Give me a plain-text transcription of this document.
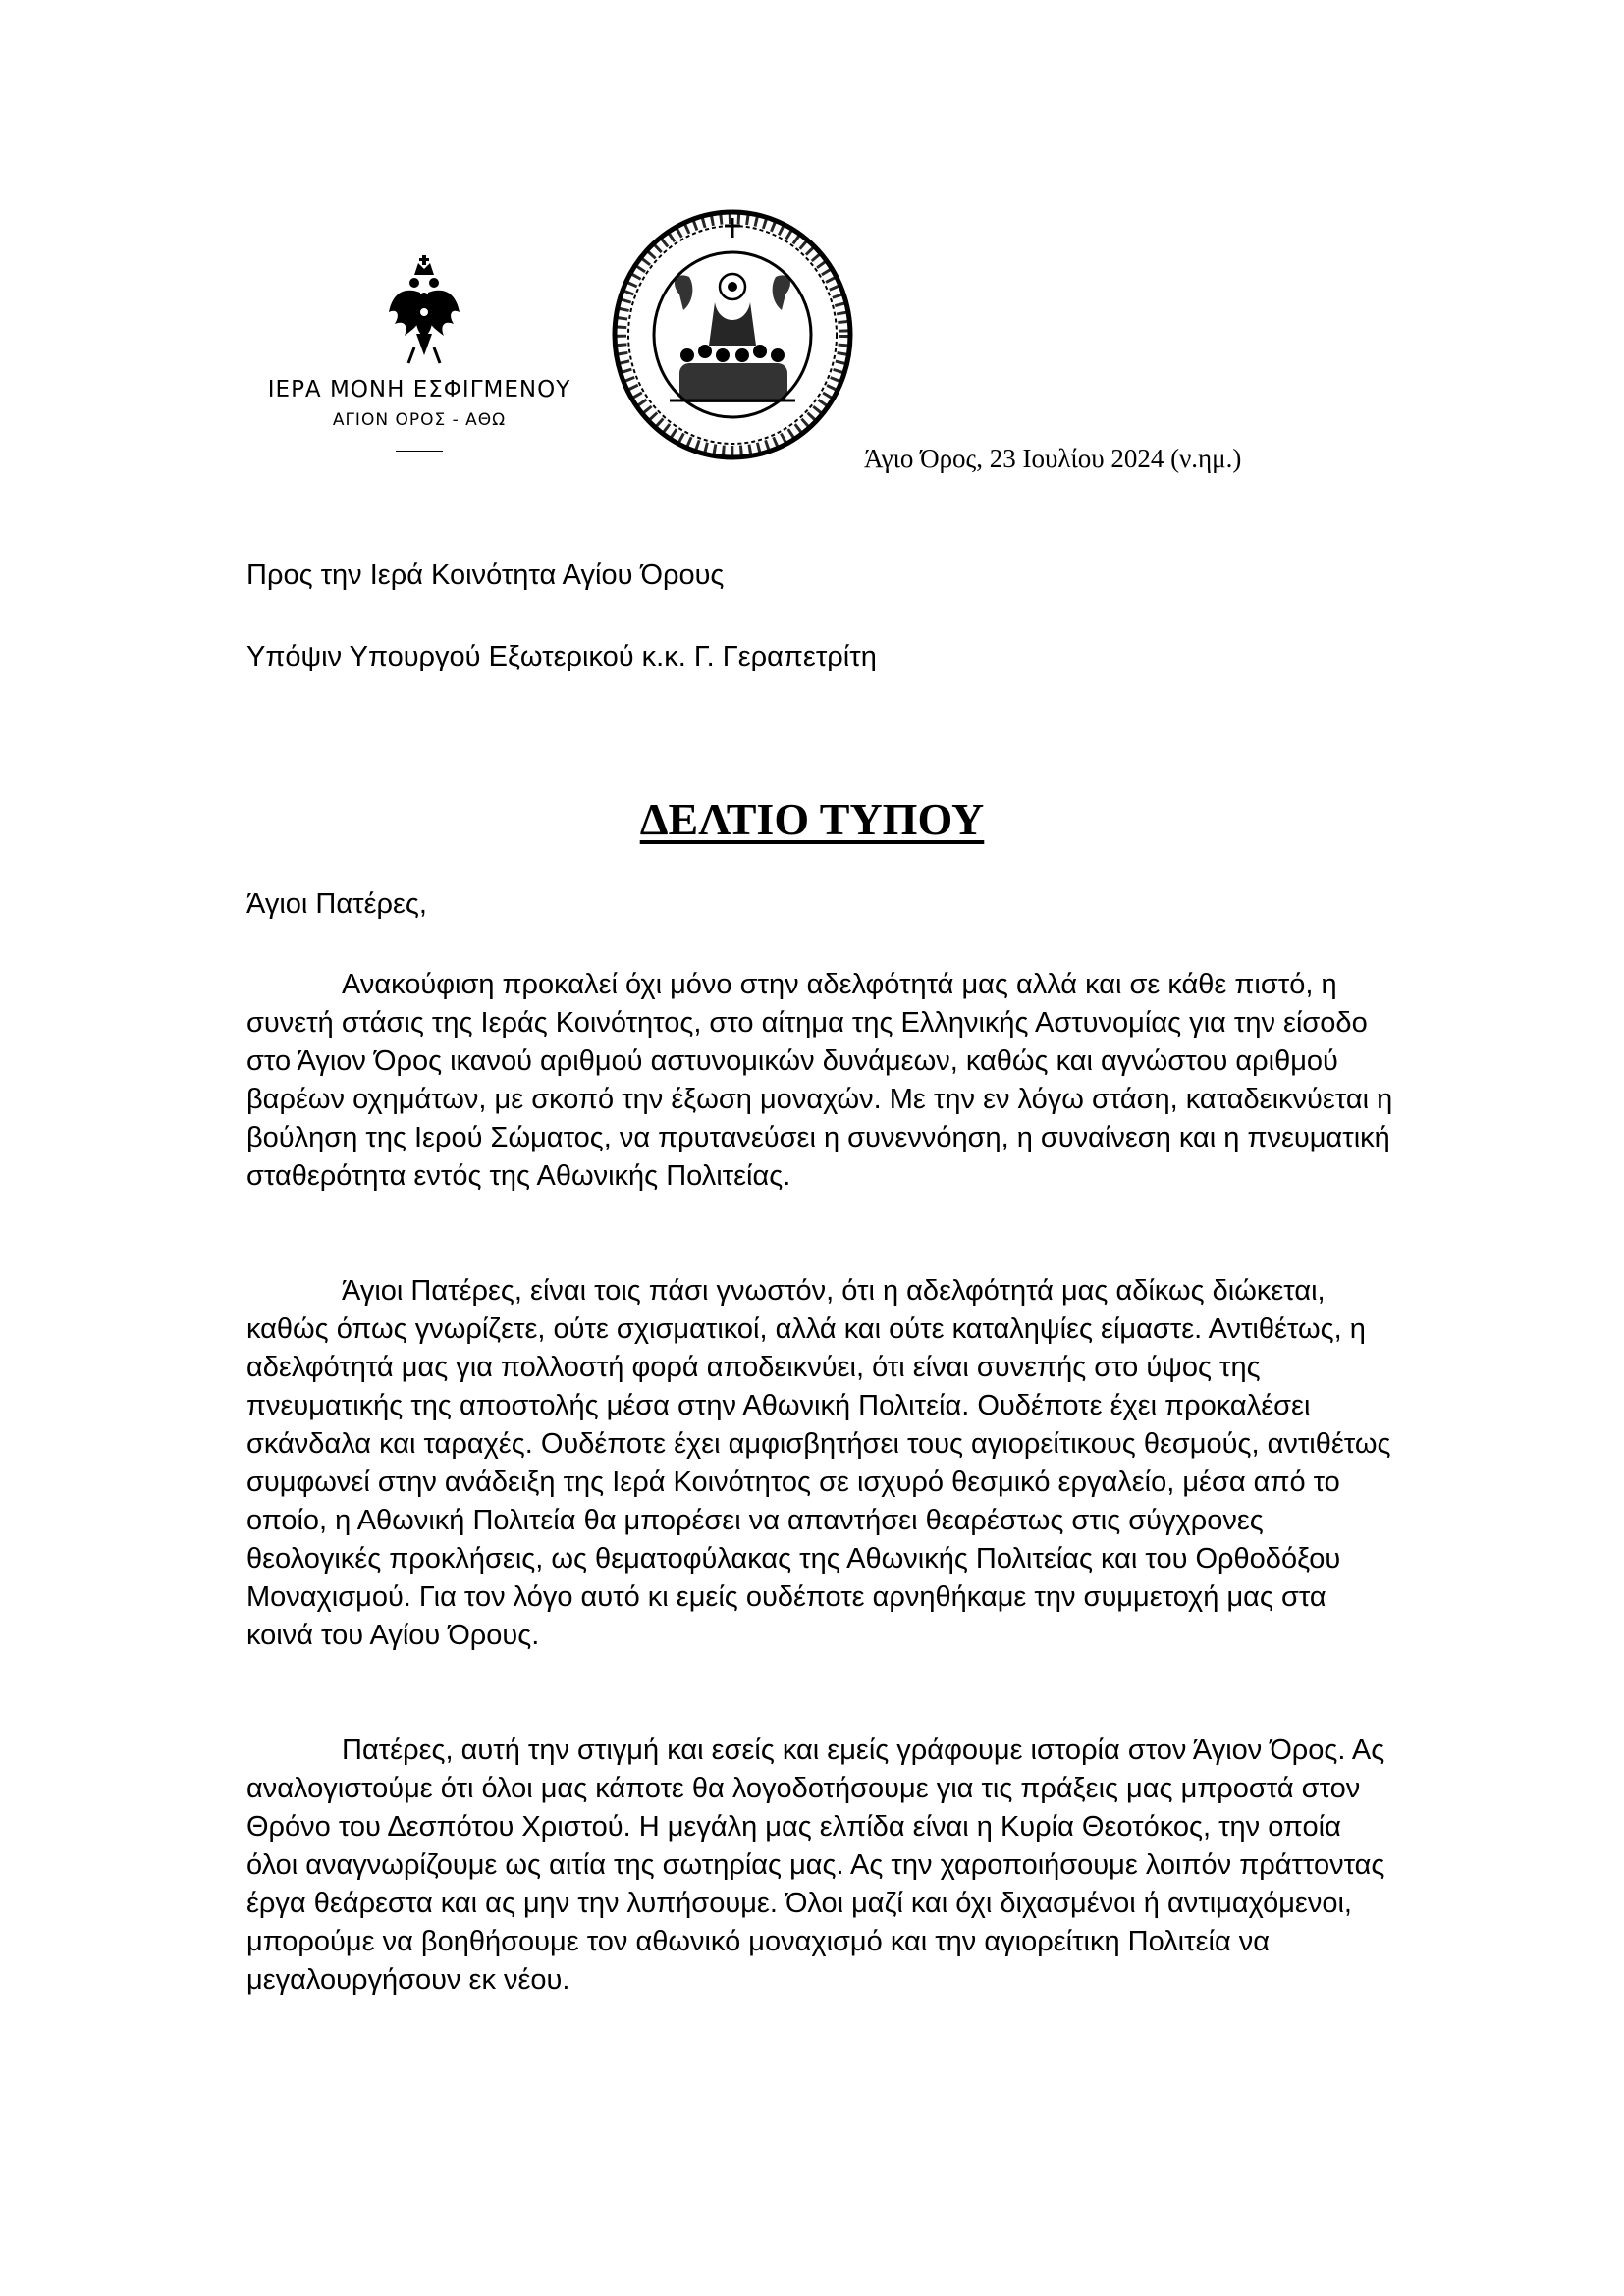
ΙΕΡΑ ΜΟΝΗ ΕΣΦΙΓΜΕΝΟΥ
ΑΓΙΟΝ ΟΡΟΣ - ΑΘΩ
Άγιο Όρος, 23 Ιουλίου 2024 (ν.ημ.)
Προς την Ιερά Κοινότητα Αγίου Όρους
Υπόψιν Υπουργού Εξωτερικού κ.κ. Γ. Γεραπετρίτη
ΔΕΛΤΙΟ ΤΥΠΟΥ
Άγιοι Πατέρες,

Ανακούφιση προκαλεί όχι μόνο στην αδελφότητά μας αλλά και σε κάθε πιστό, η συνετή στάσις της Ιεράς Κοινότητος, στο αίτημα της Ελληνικής Αστυνομίας για την είσοδο στο Άγιον Όρος ικανού αριθμού αστυνομικών δυνάμεων, καθώς και αγνώστου αριθμού βαρέων οχημάτων, με σκοπό την έξωση μοναχών. Με την εν λόγω στάση, καταδεικνύεται η βούληση της Ιερού Σώματος, να πρυτανεύσει η συνεννόηση, η συναίνεση και η πνευματική σταθερότητα εντός της Αθωνικής Πολιτείας.

Άγιοι Πατέρες, είναι τοις πάσι γνωστόν, ότι η αδελφότητά μας αδίκως διώκεται, καθώς όπως γνωρίζετε, ούτε σχισματικοί, αλλά και ούτε καταληψίες είμαστε. Αντιθέτως, η αδελφότητά μας για πολλοστή φορά αποδεικνύει, ότι είναι συνεπής στο ύψος της πνευματικής της αποστολής μέσα στην Αθωνική Πολιτεία. Ουδέποτε έχει προκαλέσει σκάνδαλα και ταραχές. Ουδέποτε έχει αμφισβητήσει τους αγιορείτικους θεσμούς, αντιθέτως συμφωνεί στην ανάδειξη της Ιερά Κοινότητος σε ισχυρό θεσμικό εργαλείο, μέσα από το οποίο, η Αθωνική Πολιτεία θα μπορέσει να απαντήσει θεαρέστως στις σύγχρονες θεολογικές προκλήσεις, ως θεματοφύλακας της Αθωνικής Πολιτείας και του Ορθοδόξου Μοναχισμού. Για τον λόγο αυτό κι εμείς ουδέποτε αρνηθήκαμε την συμμετοχή μας στα κοινά του Αγίου Όρους.

Πατέρες, αυτή την στιγμή και εσείς και εμείς γράφουμε ιστορία στον Άγιον Όρος. Ας αναλογιστούμε ότι όλοι μας κάποτε θα λογοδοτήσουμε για τις πράξεις μας μπροστά στον Θρόνο του Δεσπότου Χριστού. Η μεγάλη μας ελπίδα είναι η Κυρία Θεοτόκος, την οποία όλοι αναγνωρίζουμε ως αιτία της σωτηρίας μας. Ας την χαροποιήσουμε λοιπόν πράττοντας έργα θεάρεστα και ας μην την λυπήσουμε. Όλοι μαζί και όχι διχασμένοι ή αντιμαχόμενοι, μπορούμε να βοηθήσουμε τον αθωνικό μοναχισμό και την αγιορείτικη Πολιτεία να μεγαλουργήσουν εκ νέου.
